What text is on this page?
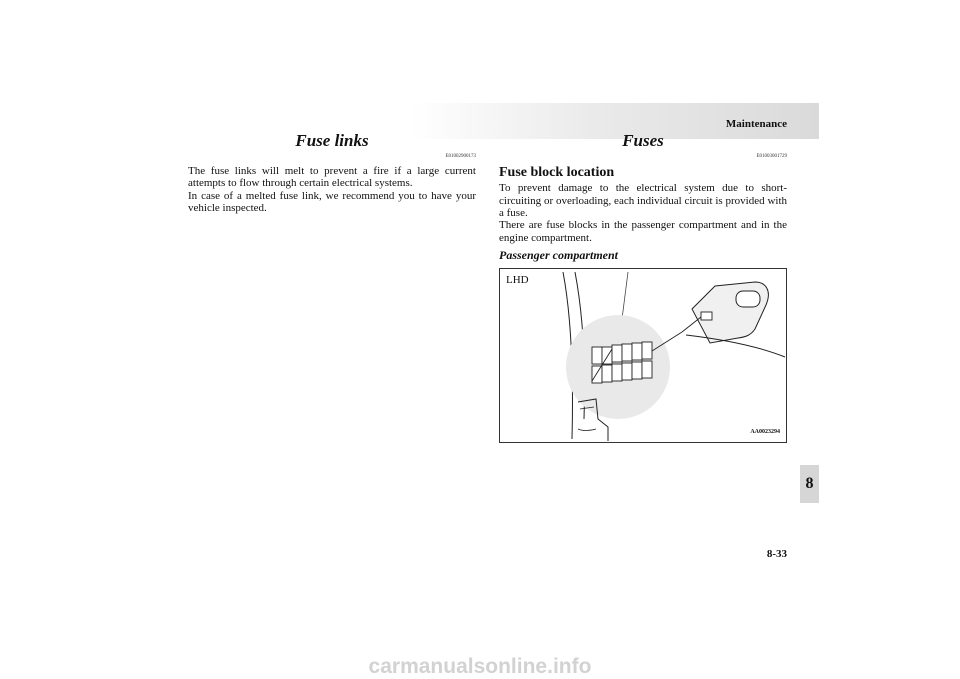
Maintenance
Fuse links
E01002900173

The fuse links will melt to prevent a fire if a large current attempts to flow through certain electrical systems.

In case of a melted fuse link, we recommend you to have your vehicle inspected.

Fuses
E01003001729
Fuse block location

To prevent damage to the electrical system due to short-circuiting or overloading, each individual circuit is provided with a fuse.

There are fuse blocks in the passenger compartment and in the engine compartment.

Passenger compartment
LHD
AA0023294
8
8-33
carmanualsonline.info
